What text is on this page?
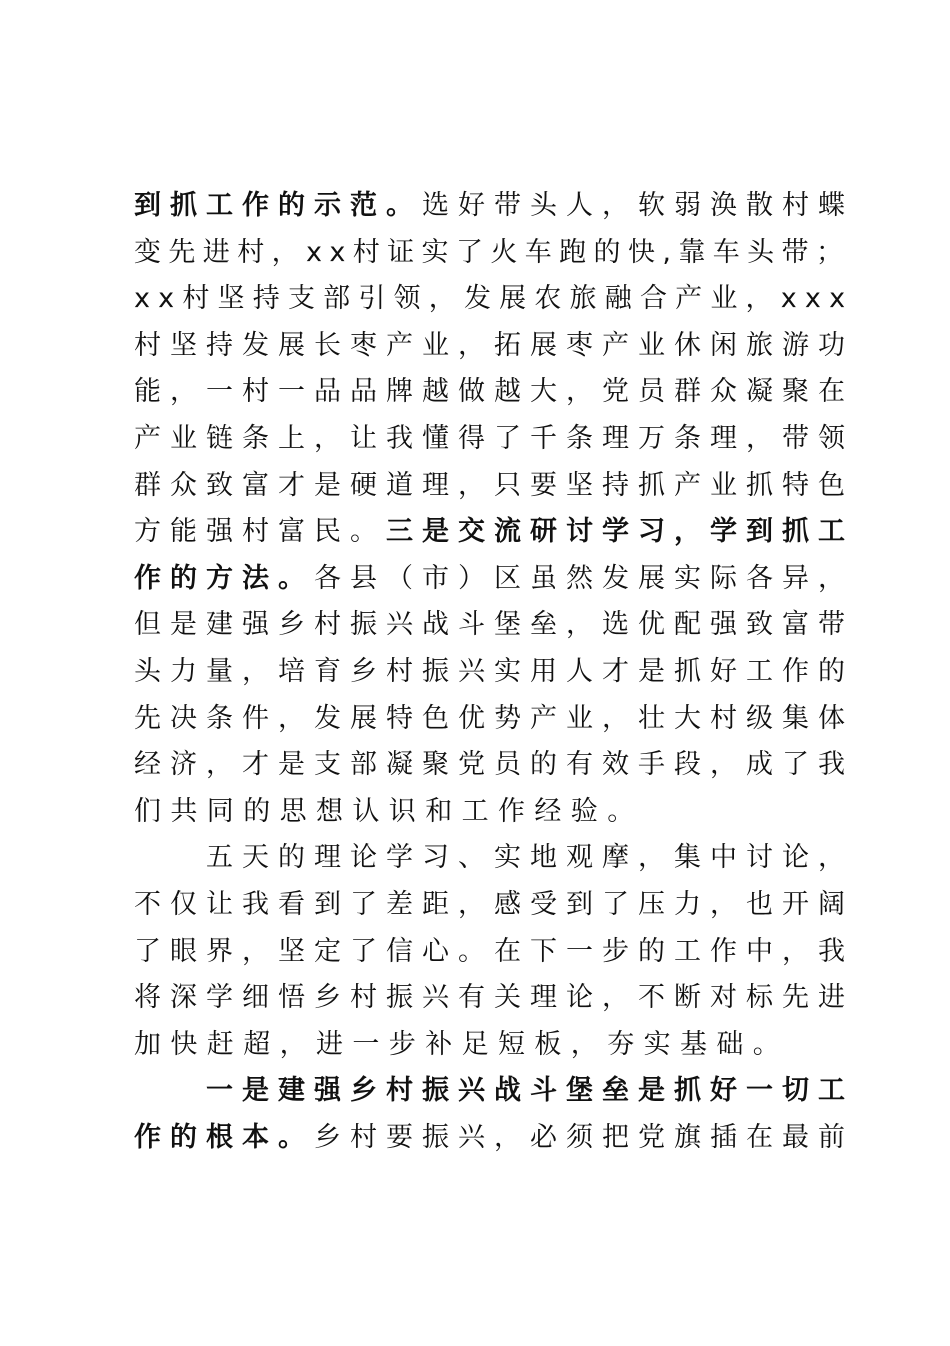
到抓工作的示范。选好带头人，软弱涣散村蝶
变先进村，xx村证实了火车跑的快,靠车头带；
xx村坚持支部引领，发展农旅融合产业，xxx
村坚持发展长枣产业，拓展枣产业休闲旅游功
能，一村一品品牌越做越大，党员群众凝聚在
产业链条上，让我懂得了千条理万条理，带领
群众致富才是硬道理，只要坚持抓产业抓特色
方能强村富民。三是交流研讨学习，学到抓工
作的方法。各县（市）区虽然发展实际各异，
但是建强乡村振兴战斗堡垒，选优配强致富带
头力量，培育乡村振兴实用人才是抓好工作的
先决条件，发展特色优势产业，壮大村级集体
经济，才是支部凝聚党员的有效手段，成了我
们共同的思想认识和工作经验。
　　五天的理论学习、实地观摩，集中讨论，
不仅让我看到了差距，感受到了压力，也开阔
了眼界，坚定了信心。在下一步的工作中，我
将深学细悟乡村振兴有关理论，不断对标先进
加快赶超，进一步补足短板，夯实基础。
　　一是建强乡村振兴战斗堡垒是抓好一切工
作的根本。乡村要振兴，必须把党旗插在最前
